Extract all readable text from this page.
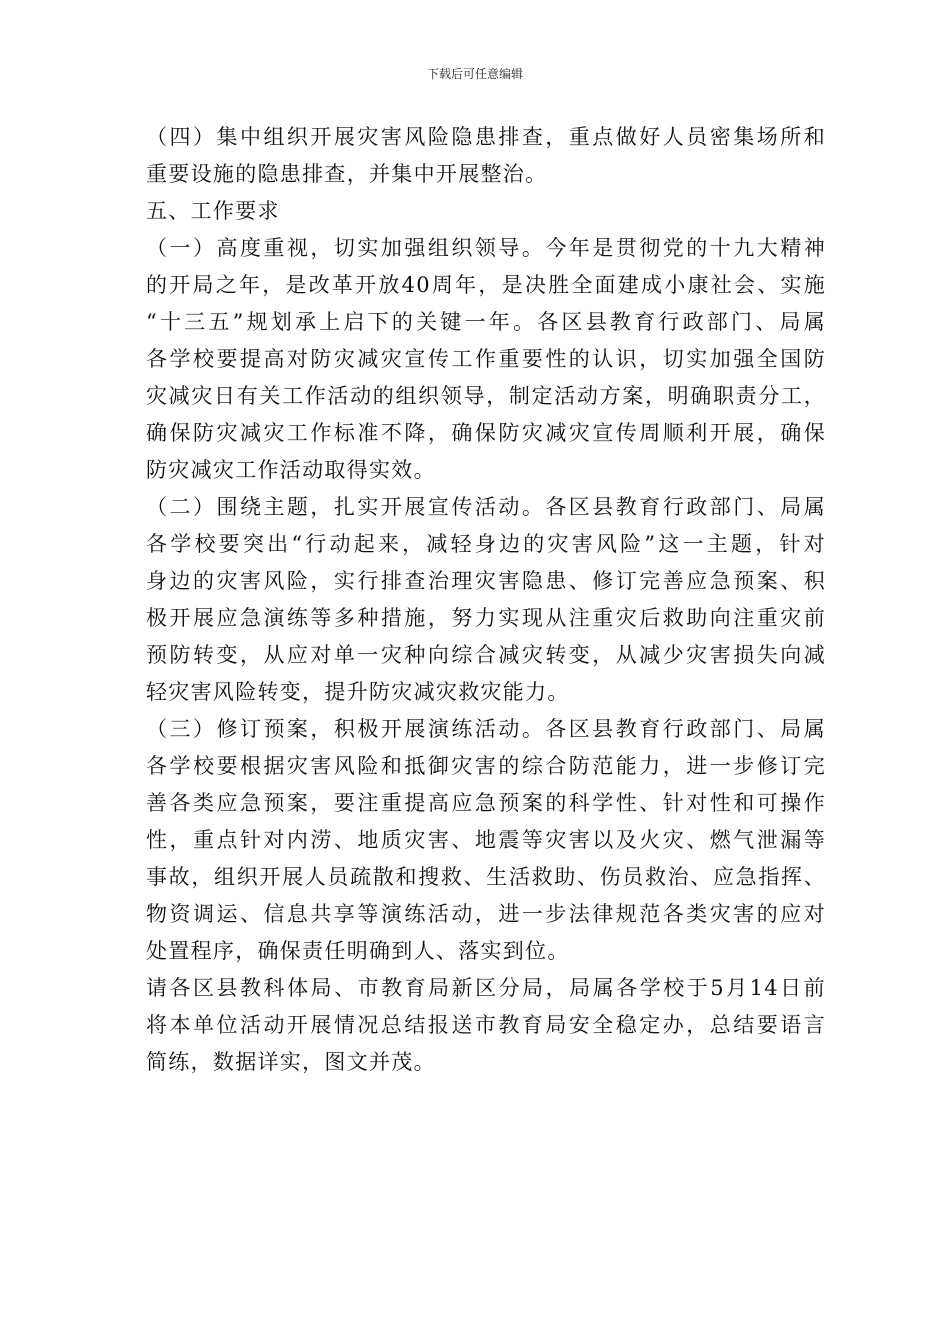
下载后可任意编辑
（四）集中组织开展灾害风险隐患排查，重点做好人员密集场所和
重要设施的隐患排查，并集中开展整治。
五、工作要求
（一）高度重视，切实加强组织领导。今年是贯彻党的十九大精神
的开局之年，是改革开放40周年，是决胜全面建成小康社会、实施
“十三五”规划承上启下的关键一年。各区县教育行政部门、局属
各学校要提高对防灾减灾宣传工作重要性的认识，切实加强全国防
灾减灾日有关工作活动的组织领导，制定活动方案，明确职责分工，
确保防灾减灾工作标准不降，确保防灾减灾宣传周顺利开展，确保
防灾减灾工作活动取得实效。
（二）围绕主题，扎实开展宣传活动。各区县教育行政部门、局属
各学校要突出“行动起来，减轻身边的灾害风险”这一主题，针对
身边的灾害风险，实行排查治理灾害隐患、修订完善应急预案、积
极开展应急演练等多种措施，努力实现从注重灾后救助向注重灾前
预防转变，从应对单一灾种向综合减灾转变，从减少灾害损失向减
轻灾害风险转变，提升防灾减灾救灾能力。
（三）修订预案，积极开展演练活动。各区县教育行政部门、局属
各学校要根据灾害风险和抵御灾害的综合防范能力，进一步修订完
善各类应急预案，要注重提高应急预案的科学性、针对性和可操作
性，重点针对内涝、地质灾害、地震等灾害以及火灾、燃气泄漏等
事故，组织开展人员疏散和搜救、生活救助、伤员救治、应急指挥、
物资调运、信息共享等演练活动，进一步法律规范各类灾害的应对
处置程序，确保责任明确到人、落实到位。
请各区县教科体局、市教育局新区分局，局属各学校于5月14日前
将本单位活动开展情况总结报送市教育局安全稳定办，总结要语言
简练，数据详实，图文并茂。
